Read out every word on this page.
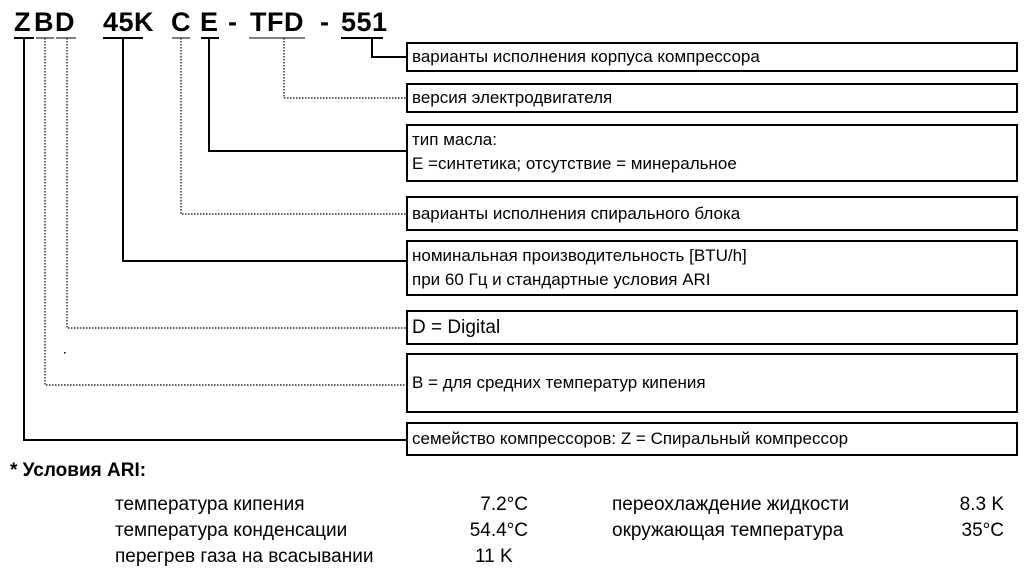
Z B D 45K C E - TFD - 551
варианты исполнения корпуса компрессора
версия электродвигателя
тип масла:
E =синтетика; отсутствие = минеральное
варианты исполнения спирального блока
номинальная производительность [BTU/h]
при 60 Гц и стандартные условия ARI
D = Digital
B = для средних температур кипения
семейство компрессоров: Z = Спиральный компрессор
* Условия ARI:
температура кипения	7.2°C
температура конденсации	54.4°C
перегрев газа на всасывании	11 K
переохлаждение жидкости	8.3 K
окружающая температура	35°C
